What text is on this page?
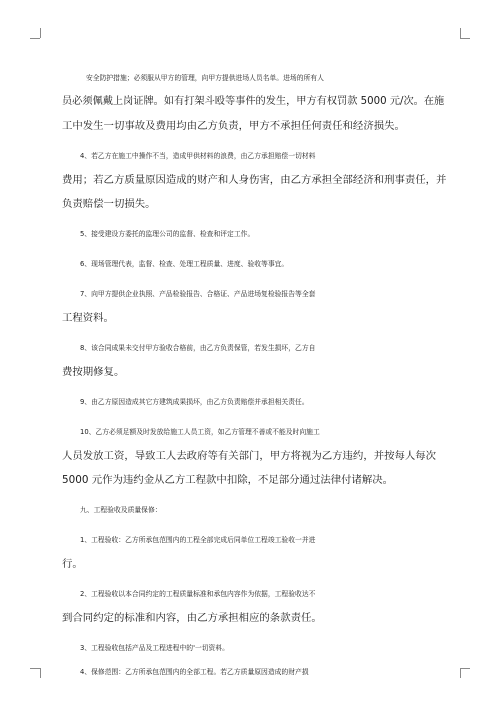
安全防护措施；必须服从甲方的管理，向甲方提供进场人员名单。进场的所有人
员必须佩戴上岗证牌。如有打架斗殴等事件的发生，甲方有权罚款 5000 元/次。在施
工中发生一切事故及费用均由乙方负责，甲方不承担任何责任和经济损失。
4、若乙方在施工中操作不当，造成甲供材料的浪费，由乙方承担赔偿一切材料
费用；若乙方质量原因造成的财产和人身伤害，由乙方承担全部经济和刑事责任，并
负责赔偿一切损失。
5、接受建设方委托的监理公司的监督、检查和评定工作。
6、现场管理代表，监督、检查、处理工程质量、进度、验收等事宜。
7、向甲方提供企业执照、产品检验报告、合格证、产品进场复检验报告等全套
工程资料。
8、该合同成果未交付甲方验收合格前，由乙方负责保管，若发生损坏，乙方自
费按期修复。
9、由乙方原因造成其它方建筑成果损坏，由乙方负责赔偿并承担相关责任。
10、乙方必须足额及时发放给施工人员工资，如乙方管理不善或不能及时向施工
人员发放工资，导致工人去政府等有关部门，甲方将视为乙方违约，并按每人每次
5000 元作为违约金从乙方工程款中扣除，不足部分通过法律付诸解决。
九、工程验收及质量保修：
1、工程验收：乙方所承包范围内的工程全部完成后同单位工程竣工验收一并进
行。
2、工程验收以本合同约定的工程质量标准和承包内容作为依据，工程验收达不
到合同约定的标准和内容，由乙方承担相应的条款责任。
3、工程验收包括产品及工程进程中的'一切资料。
4、保修范围：乙方所承包范围内的全部工程。若乙方质量原因造成的财产损
